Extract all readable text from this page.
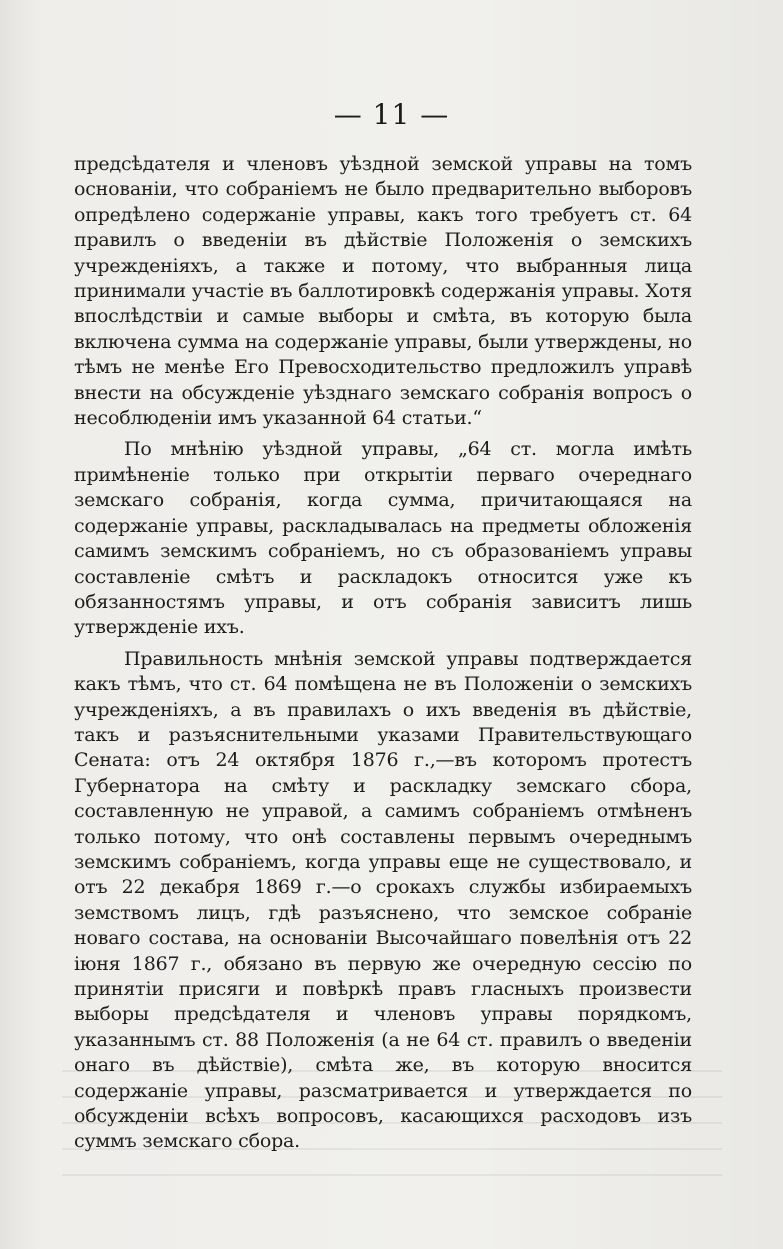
— 11 —

предсѣдателя и членовъ уѣздной земской управы на томъ основаніи, что собраніемъ не было предварительно выборовъ опредѣлено содержаніе управы, какъ того требуетъ ст. 64 правилъ о введеніи въ дѣйствіе Положенія о земскихъ учрежденіяхъ, а также и потому, что выбранныя лица принимали участіе въ баллотировкѣ содержанія управы. Хотя впослѣдствіи и самые выборы и смѣта, въ которую была включена сумма на содержаніе управы, были утверждены, но тѣмъ не менѣе Его Превосходительство предложилъ управѣ внести на обсужденіе уѣзднаго земскаго собранія вопросъ о несоблюденіи имъ указанной 64 статьи.“

По мнѣнію уѣздной управы, „64 ст. могла имѣть примѣненіе только при открытіи перваго очереднаго земскаго собранія, когда сумма, причитающаяся на содержаніе управы, раскладывалась на предметы обложенія самимъ земскимъ собраніемъ, но съ образованіемъ управы составленіе смѣтъ и раскладокъ относится уже къ обязанностямъ управы, и отъ собранія зависитъ лишь утвержденіе ихъ.

Правильность мнѣнія земской управы подтверждается какъ тѣмъ, что ст. 64 помѣщена не въ Положеніи о земскихъ учрежденіяхъ, а въ правилахъ о ихъ введенія въ дѣйствіе, такъ и разъяснительными указами Правительствующаго Сената: отъ 24 октября 1876 г.,—въ которомъ протестъ Губернатора на смѣту и раскладку земскаго сбора, составленную не управой, а самимъ собраніемъ отмѣненъ только потому, что онѣ составлены первымъ очереднымъ земскимъ собраніемъ, когда управы еще не существовало, и отъ 22 декабря 1869 г.—о срокахъ службы избираемыхъ земствомъ лицъ, гдѣ разъяснено, что земское собраніе новаго состава, на основаніи Высочайшаго повелѣнія отъ 22 іюня 1867 г., обязано въ первую же очередную сессію по принятіи присяги и повѣркѣ правъ гласныхъ произвести выборы предсѣдателя и членовъ управы порядкомъ, указаннымъ ст. 88 Положенія (а не 64 ст. правилъ о введеніи онаго въ дѣйствіе), смѣта же, въ которую вносится содержаніе управы, разсматривается и утверждается по обсужденіи всѣхъ вопросовъ, касающихся расходовъ изъ суммъ земскаго сбора.
